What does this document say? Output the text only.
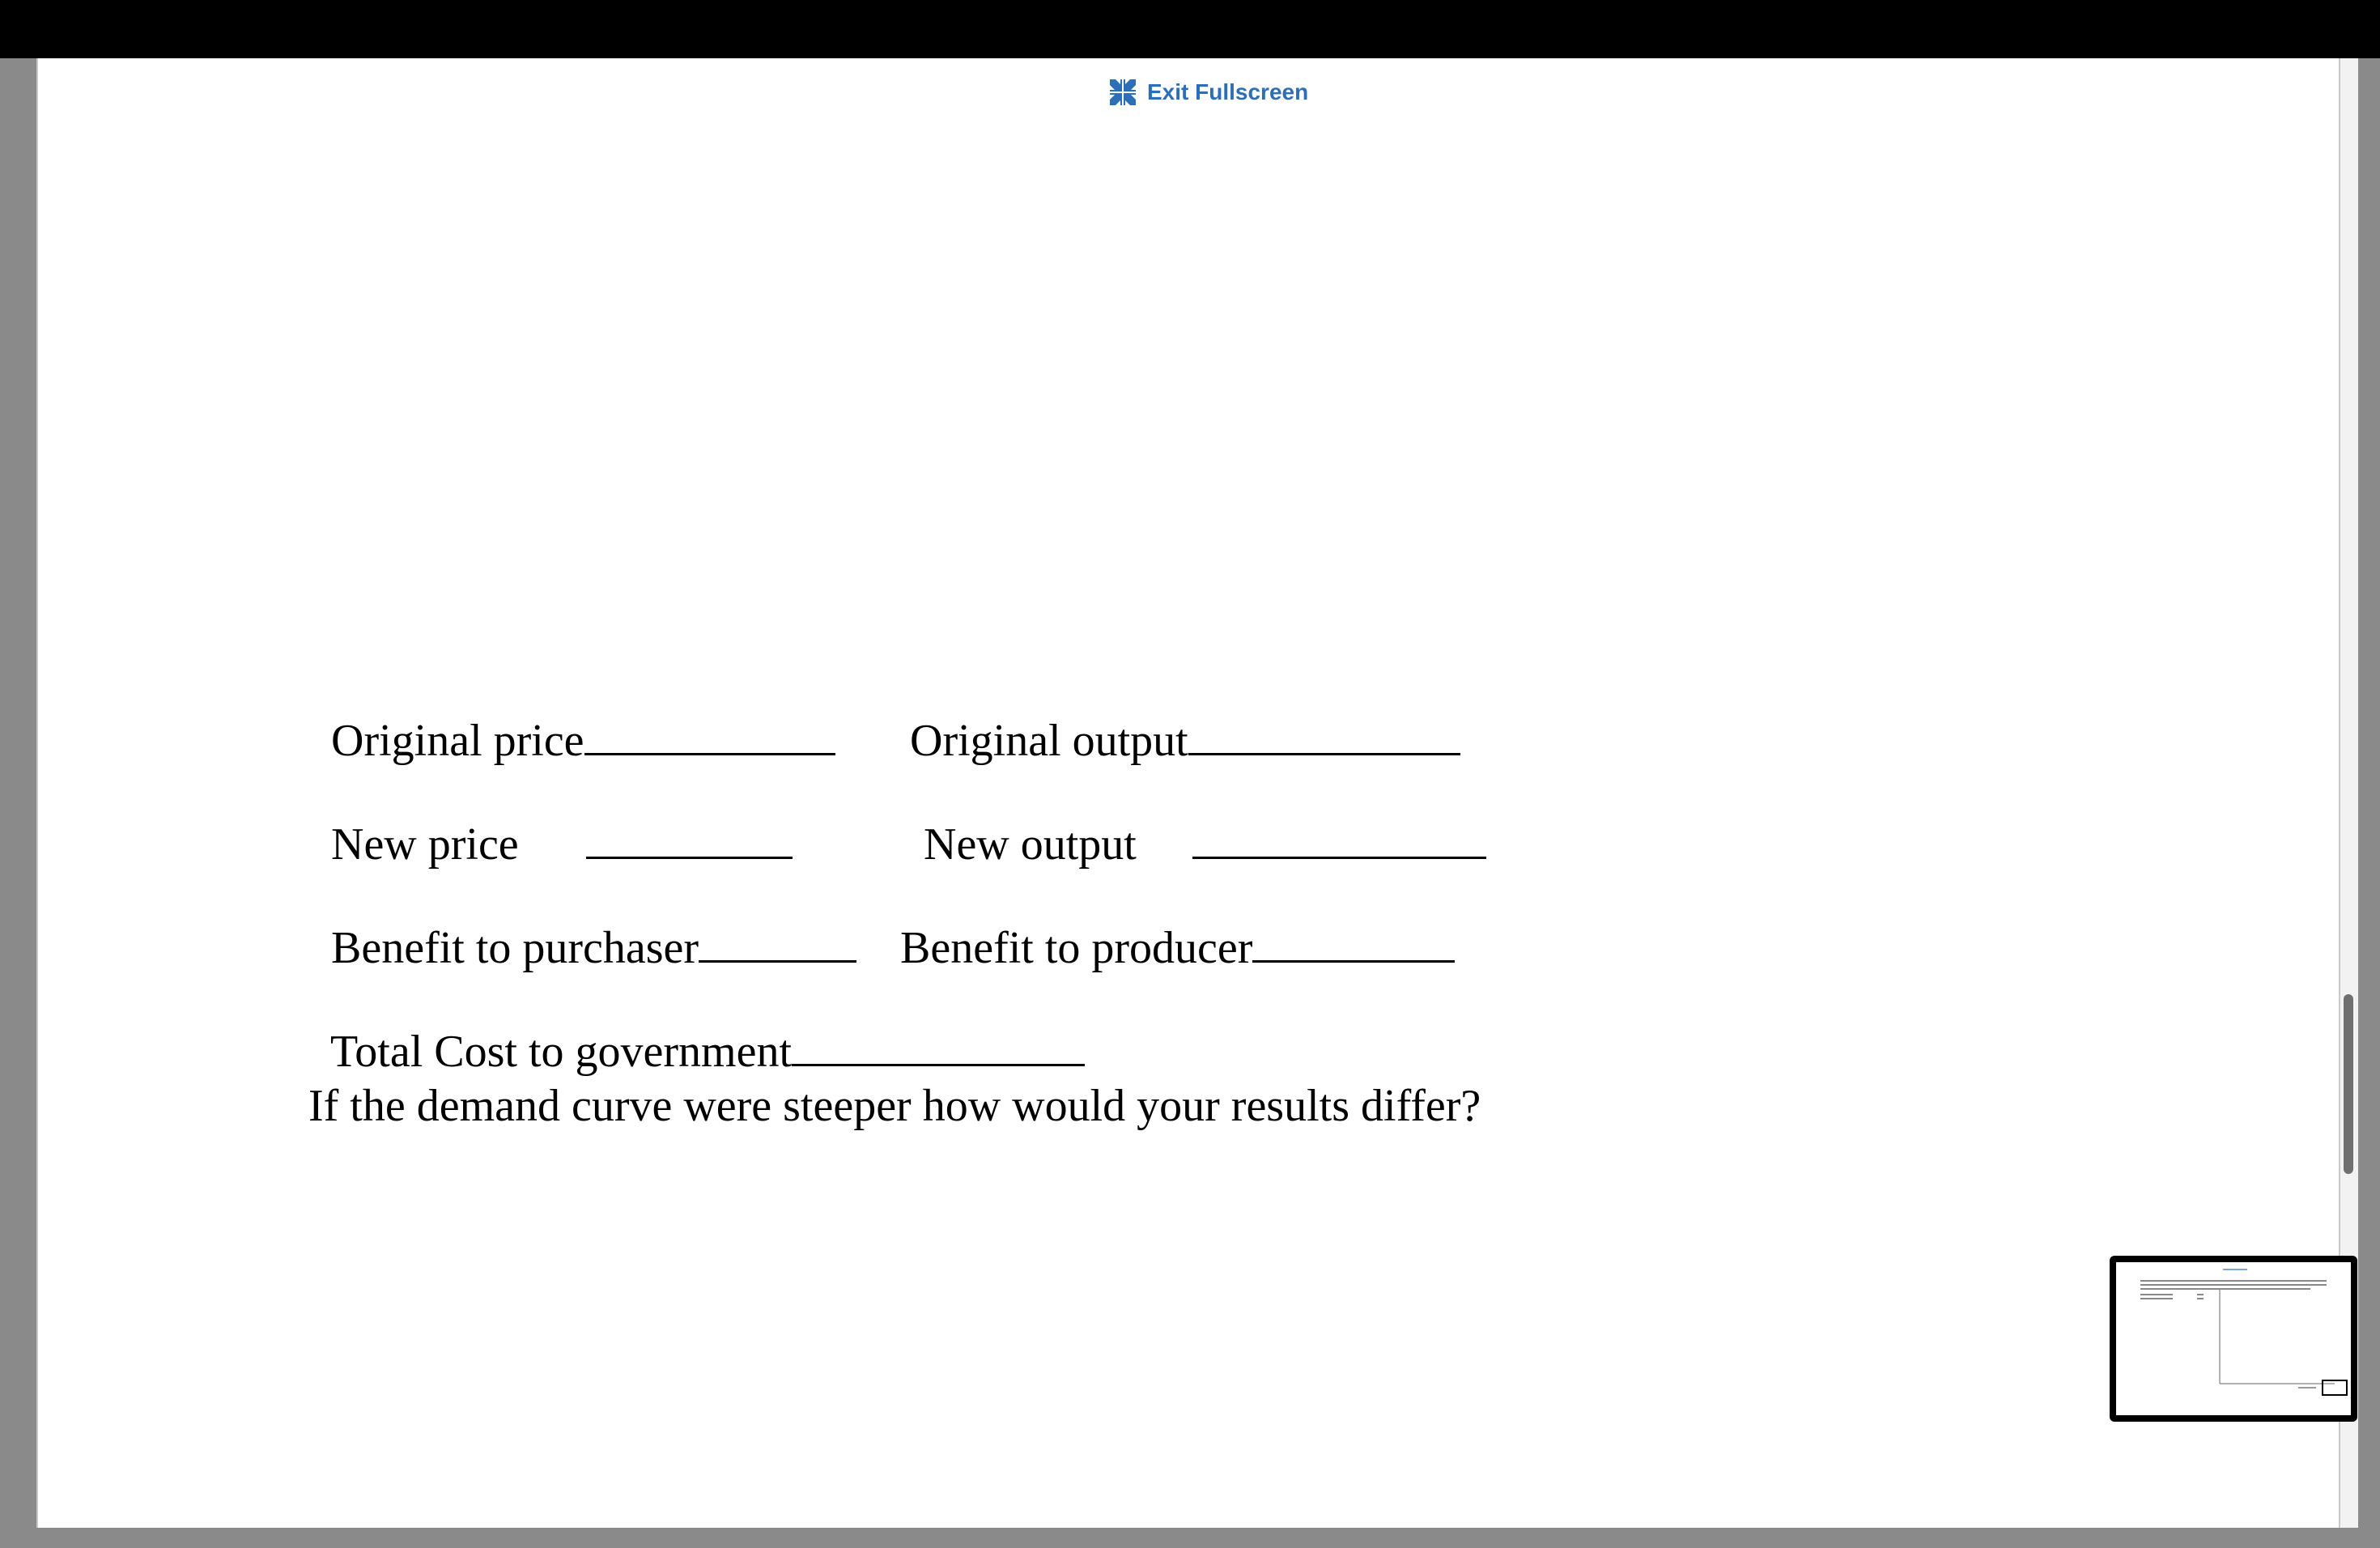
Exit Fullscreen

Original price	Original output

New price	New output

Benefit to purchaser	Benefit to producer

Total Cost to government

If the demand curve were steeper how would your results differ?
